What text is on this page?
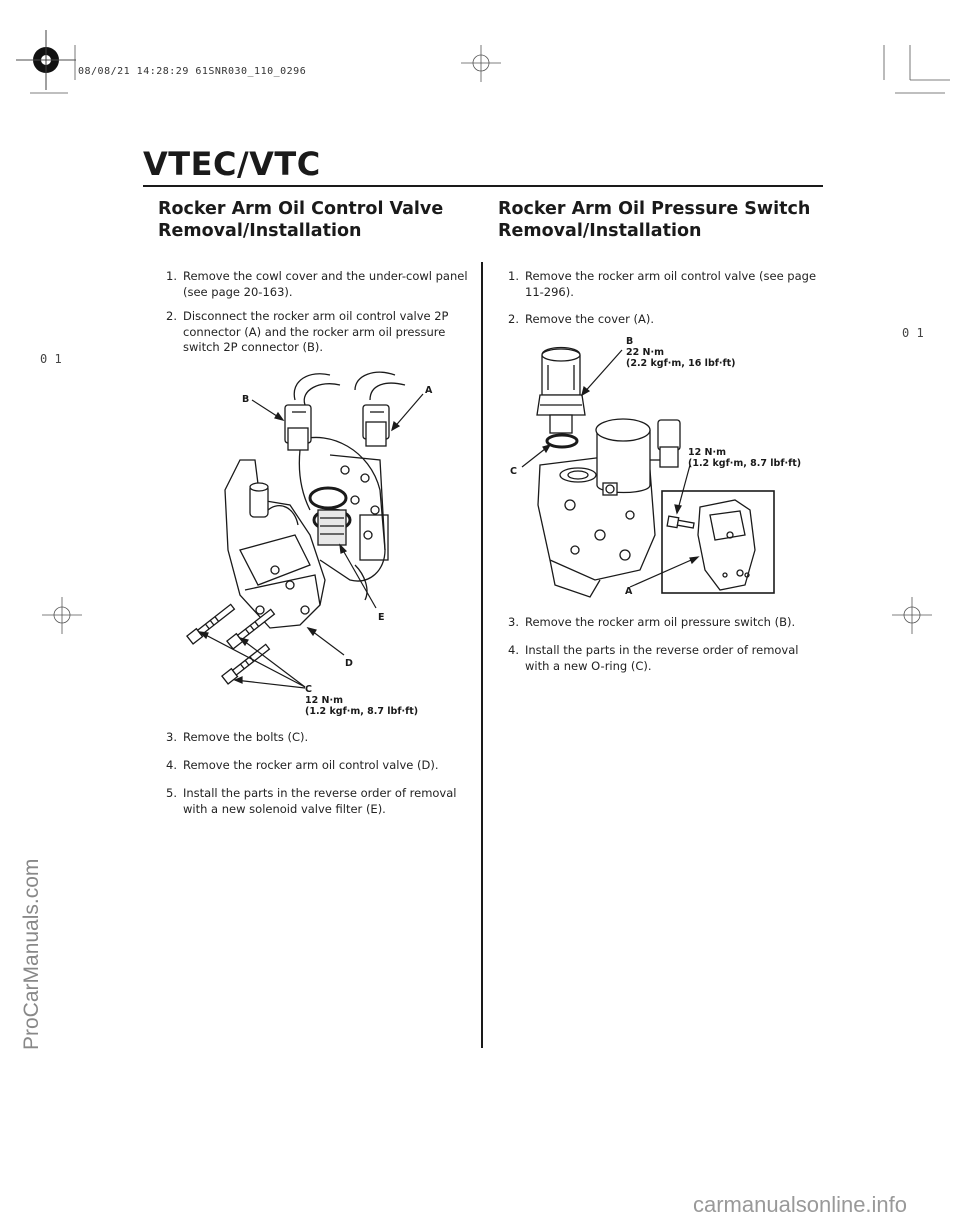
08/08/21 14:28:29 61SNR030_110_0296
0 1
0 1
VTEC/VTC
Rocker Arm Oil Control Valve
Removal/Installation
1. Remove the cowl cover and the under-cowl panel
(see page 20-163).
2. Disconnect the rocker arm oil control valve 2P
connector (A) and the rocker arm oil pressure
switch 2P connector (B).
3. Remove the bolts (C).
4. Remove the rocker arm oil control valve (D).
5. Install the parts in the reverse order of removal
with a new solenoid valve filter (E).
B
A
E
D
C
12 N·m
(1.2 kgf·m, 8.7 lbf·ft)
Rocker Arm Oil Pressure Switch
Removal/Installation
1. Remove the rocker arm oil control valve (see page
11-296).
2. Remove the cover (A).
3. Remove the rocker arm oil pressure switch (B).
4. Install the parts in the reverse order of removal
with a new O-ring (C).
B
22 N·m
(2.2 kgf·m, 16 lbf·ft)
12 N·m
(1.2 kgf·m, 8.7 lbf·ft)
C
A
ProCarManuals.com
carmanualsonline.info
